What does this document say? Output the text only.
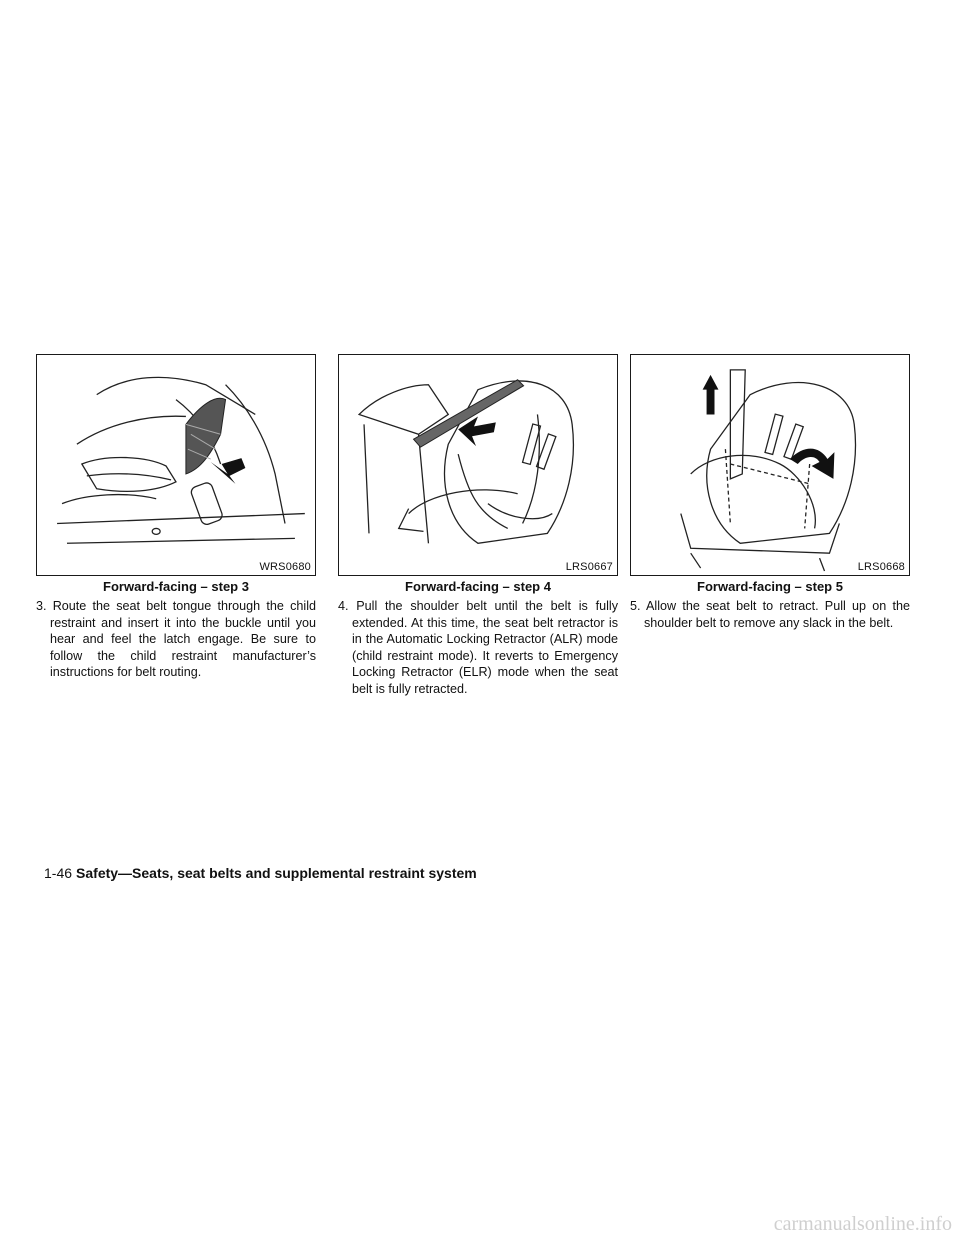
WRS0680
Forward-facing – step 3
3. Route the seat belt tongue through the child restraint and insert it into the buckle until you hear and feel the latch engage. Be sure to follow the child restraint manufacturer’s instructions for belt routing.
LRS0667
Forward-facing – step 4
4. Pull the shoulder belt until the belt is fully extended. At this time, the seat belt retractor is in the Automatic Locking Retractor (ALR) mode (child restraint mode). It reverts to Emergency Locking Retractor (ELR) mode when the seat belt is fully retracted.
LRS0668
Forward-facing – step 5
5. Allow the seat belt to retract. Pull up on the shoulder belt to remove any slack in the belt.
1-46 Safety—Seats, seat belts and supplemental restraint system
carmanualsonline.info
